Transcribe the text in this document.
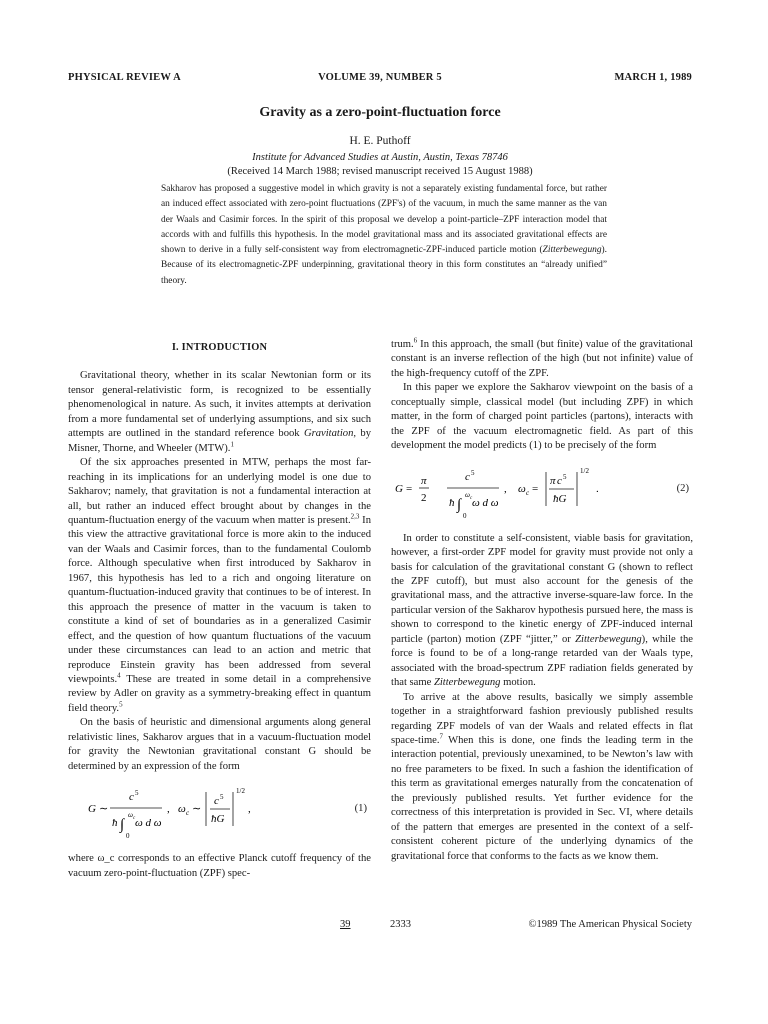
PHYSICAL REVIEW A	VOLUME 39, NUMBER 5	MARCH 1, 1989
Gravity as a zero-point-fluctuation force
H. E. Puthoff
Institute for Advanced Studies at Austin, Austin, Texas 78746
(Received 14 March 1988; revised manuscript received 15 August 1988)

Sakharov has proposed a suggestive model in which gravity is not a separately existing fundamental force, but rather an induced effect associated with zero-point fluctuations (ZPF's) of the vacuum, in much the same manner as the van der Waals and Casimir forces. In the spirit of this proposal we develop a point-particle–ZPF interaction model that accords with and fulfills this hypothesis. In the model gravitational mass and its associated gravitational effects are shown to derive in a fully self-consistent way from electromagnetic-ZPF-induced particle motion (Zitterbewegung). Because of its electromagnetic-ZPF underpinning, gravitational theory in this form constitutes an “already unified” theory.

I. INTRODUCTION

Gravitational theory, whether in its scalar Newtonian form or its tensor general-relativistic form, is recognized to be essentially phenomenological in nature. As such, it invites attempts at derivation from a more fundamental set of underlying assumptions, and six such attempts are outlined in the standard reference book Gravitation, by Misner, Thorne, and Wheeler (MTW).$^1$

Of the six approaches presented in MTW, perhaps the most far-reaching in its implications for an underlying model is one due to Sakharov; namely, that gravitation is not a fundamental interaction at all, but rather an induced effect brought about by changes in the quantum-fluctuation energy of the vacuum when matter is present.$^{2,3}$ In this view the attractive gravitational force is more akin to the induced van der Waals and Casimir forces, than to the fundamental Coulomb force. Although speculative when first introduced by Sakharov in 1967, this hypothesis has led to a rich and ongoing literature on quantum-fluctuation-induced gravity that continues to be of interest. In this approach the presence of matter in the vacuum is taken to constitute a kind of set of boundaries as in a generalized Casimir effect, and the question of how quantum fluctuations of the vacuum under these circumstances can lead to an action and metric that reproduce Einstein gravity has been addressed from several viewpoints.$^4$ These are treated in some detail in a comprehensive review by Adler on gravity as a symmetry-breaking effect in quantum field theory.$^5$

On the basis of heuristic and dimensional arguments along general relativistic lines, Sakharov argues that in a vacuum-fluctuation model for gravity the Newtonian gravitational constant G should be determined by an expression of the form

G ∼
c 5
ħ ∫
ω c
0
ω d ω
, ω c ∼
c 5
ħG
1/2
,	(1)

where ω_c corresponds to an effective Planck cutoff frequency of the vacuum zero-point-fluctuation (ZPF) spec-

trum.$^6$ In this approach, the small (but finite) value of the gravitational constant is an inverse reflection of the high (but not infinite) value of the high-frequency cutoff of the ZPF.

In this paper we explore the Sakharov viewpoint on the basis of a conceptually simple, classical model (but including ZPF) in which matter, in the form of charged point particles (partons), interacts with the ZPF of the vacuum electromagnetic field. As part of this development the model predicts (1) to be precisely of the form

G =
π
2
c 5
ħ ∫
ω c
0
ω d ω
, ω c =
π c 5
ħG
1/2
.	(2)

In order to constitute a self-consistent, viable basis for gravitation, however, a first-order ZPF model for gravity must provide not only a basis for calculation of the gravitational constant G (shown to reflect the ZPF cutoff), but must also account for the genesis of the gravitational mass, and the attractive inverse-square-law force. In the particular version of the Sakharov hypothesis pursued here, the mass is shown to correspond to the kinetic energy of ZPF-induced internal particle (parton) motion (ZPF “jitter,” or Zitterbewegung), while the force is found to be of a long-range retarded van der Waals type, associated with the broad-spectrum ZPF radiation fields generated by that same Zitterbewegung motion.

To arrive at the above results, basically we simply assemble together in a straightforward fashion previously published results regarding ZPF models of van der Waals and related effects in flat space-time.$^7$ When this is done, one finds the leading term in the interaction potential, previously unexamined, to be Newton’s law with no free parameters to be fixed. In such a fashion the identification of this term as gravitational emerges naturally from the concatenation of the previously published results. Yet further evidence for the correctness of this interpretation is provided in Sec. VI, where details of the pattern that emerges are presented in the context of a self-consistent coherent picture of the underlying dynamics of the gravitational force that conforms to the facts as we know them.

39	2333	©1989 The American Physical Society
